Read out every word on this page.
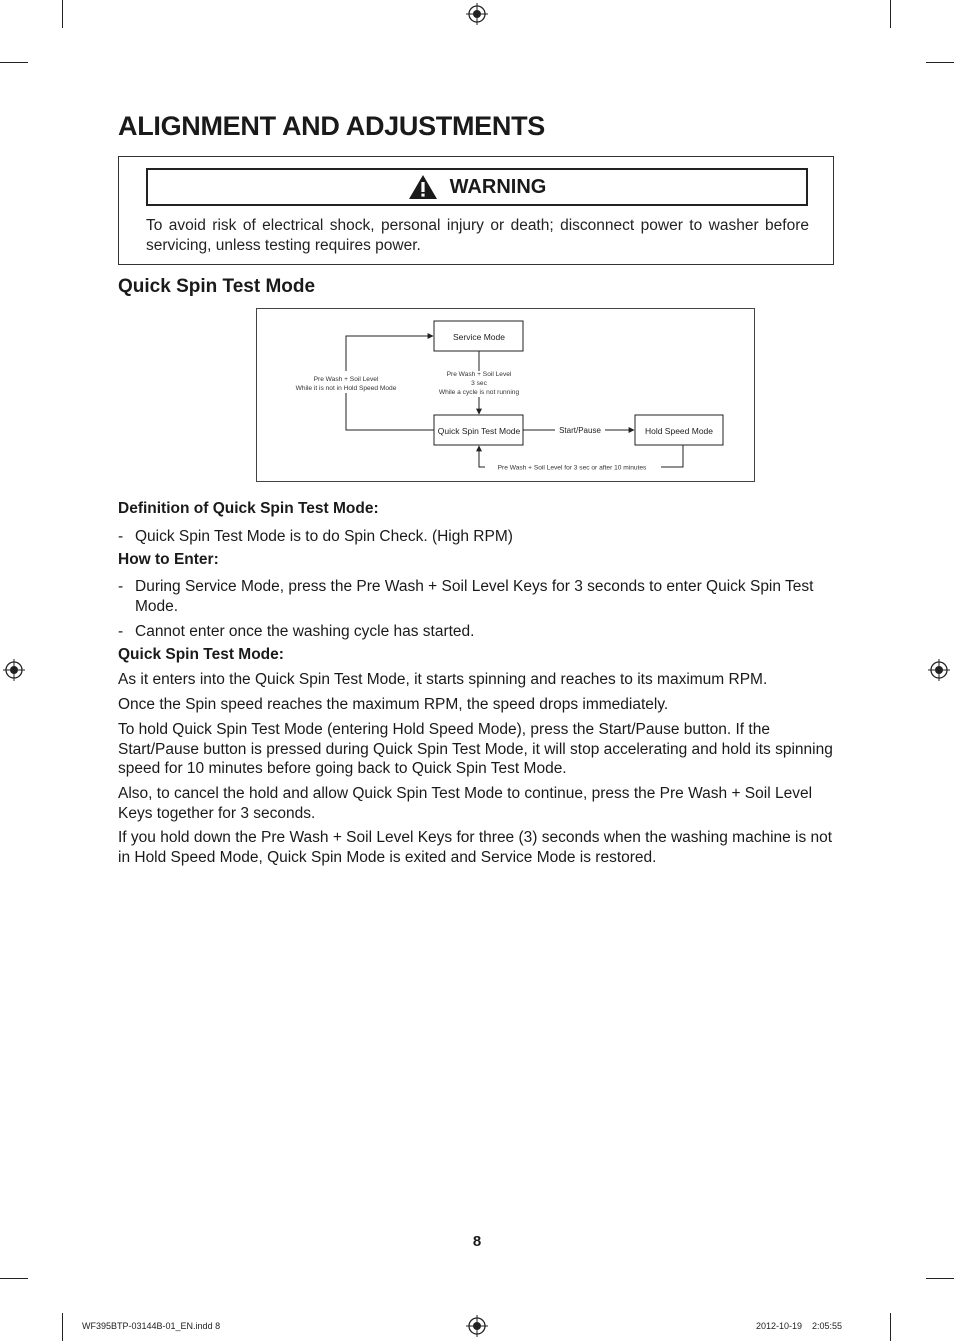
ALIGNMENT AND ADJUSTMENTS
WARNING

To avoid risk of electrical shock, personal injury or death; disconnect power to washer before servicing, unless testing requires power.

Quick Spin Test Mode
Service Mode
Quick Spin Test Mode	Hold Speed Mode
Pre Wash + Soil Level
3 sec
While a cycle is not running
Pre Wash + Soil Level
While it is not in Hold Speed Mode
Start/Pause
Pre Wash + Soil Level for 3 sec or after 10 minutes
Definition of Quick Spin Test Mode:
- Quick Spin Test Mode is to do Spin Check. (High RPM)
How to Enter:
- During Service Mode, press the Pre Wash + Soil Level Keys for 3 seconds to enter Quick Spin Test Mode.
- Cannot enter once the washing cycle has started.
Quick Spin Test Mode:

As it enters into the Quick Spin Test Mode, it starts spinning and reaches to its maximum RPM.

Once the Spin speed reaches the maximum RPM, the speed drops immediately.

To hold Quick Spin Test Mode (entering Hold Speed Mode), press the Start/Pause button. If the Start/Pause button is pressed during Quick Spin Test Mode, it will stop accelerating and hold its spinning speed for 10 minutes before going back to Quick Spin Test Mode.

Also, to cancel the hold and allow Quick Spin Test Mode to continue, press the Pre Wash + Soil Level Keys together for 3 seconds.

If you hold down the Pre Wash + Soil Level Keys for three (3) seconds when the washing machine is not in Hold Speed Mode, Quick Spin Mode is exited and Service Mode is restored.

8
WF395BTP-03144B-01_EN.indd 8	2012-10-19    2:05:55
